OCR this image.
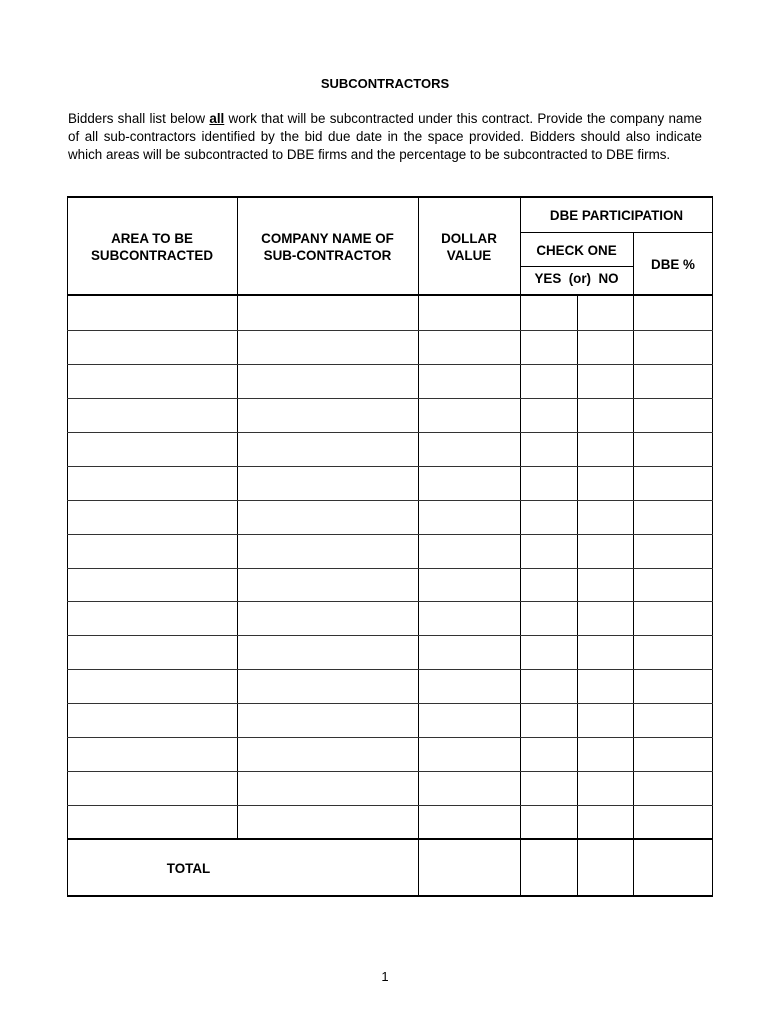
SUBCONTRACTORS
Bidders shall list below all work that will be subcontracted under this contract. Provide the company name of all sub-contractors identified by the bid due date in the space provided. Bidders should also indicate which areas will be subcontracted to DBE firms and the percentage to be subcontracted to DBE firms.
AREA TO BE
SUBCONTRACTED
COMPANY NAME OF
SUB-CONTRACTOR
DOLLAR
VALUE
DBE PARTICIPATION
CHECK ONE
YES  (or)  NO
DBE %
TOTAL
1
